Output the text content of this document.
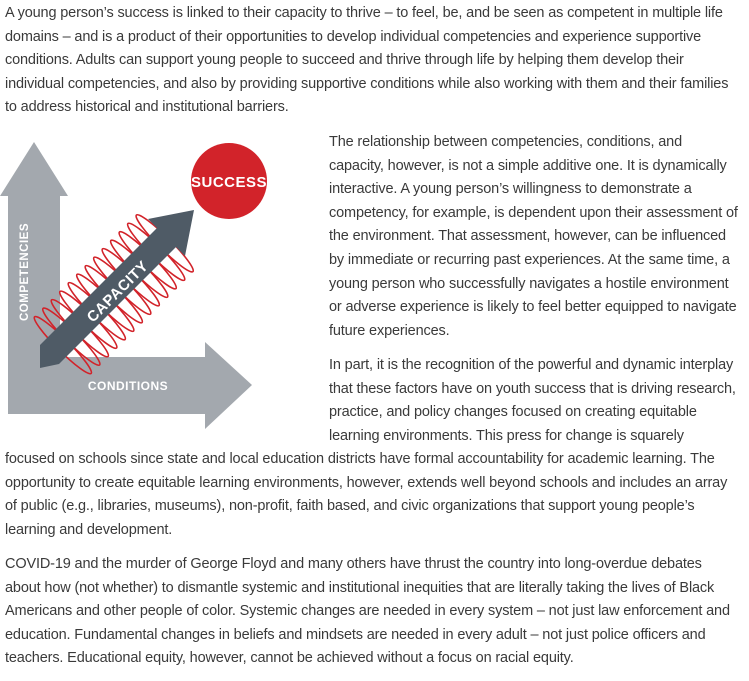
A young person’s success is linked to their capacity to thrive – to feel, be, and be seen as competent in multiple life
domains – and is a product of their opportunities to develop individual competencies and experience supportive
conditions. Adults can support young people to succeed and thrive through life by helping them develop their
individual competencies, and also by providing supportive conditions while also working with them and their families
to address historical and institutional barriers.
SUCCESS
COMPETENCIES
CONDITIONS
CAPACITY
The relationship between competencies, conditions, and
capacity, however, is not a simple additive one. It is dynamically
interactive. A young person’s willingness to demonstrate a
competency, for example, is dependent upon their assessment of
the environment. That assessment, however, can be influenced
by immediate or recurring past experiences. At the same time, a
young person who successfully navigates a hostile environment
or adverse experience is likely to feel better equipped to navigate
future experiences.
In part, it is the recognition of the powerful and dynamic interplay
that these factors have on youth success that is driving research,
practice, and policy changes focused on creating equitable
learning environments. This press for change is squarely
focused on schools since state and local education districts have formal accountability for academic learning. The
opportunity to create equitable learning environments, however, extends well beyond schools and includes an array
of public (e.g., libraries, museums), non-profit, faith based, and civic organizations that support young people’s
learning and development.
COVID-19 and the murder of George Floyd and many others have thrust the country into long-overdue debates
about how (not whether) to dismantle systemic and institutional inequities that are literally taking the lives of Black
Americans and other people of color. Systemic changes are needed in every system – not just law enforcement and
education. Fundamental changes in beliefs and mindsets are needed in every adult – not just police officers and
teachers. Educational equity, however, cannot be achieved without a focus on racial equity.
